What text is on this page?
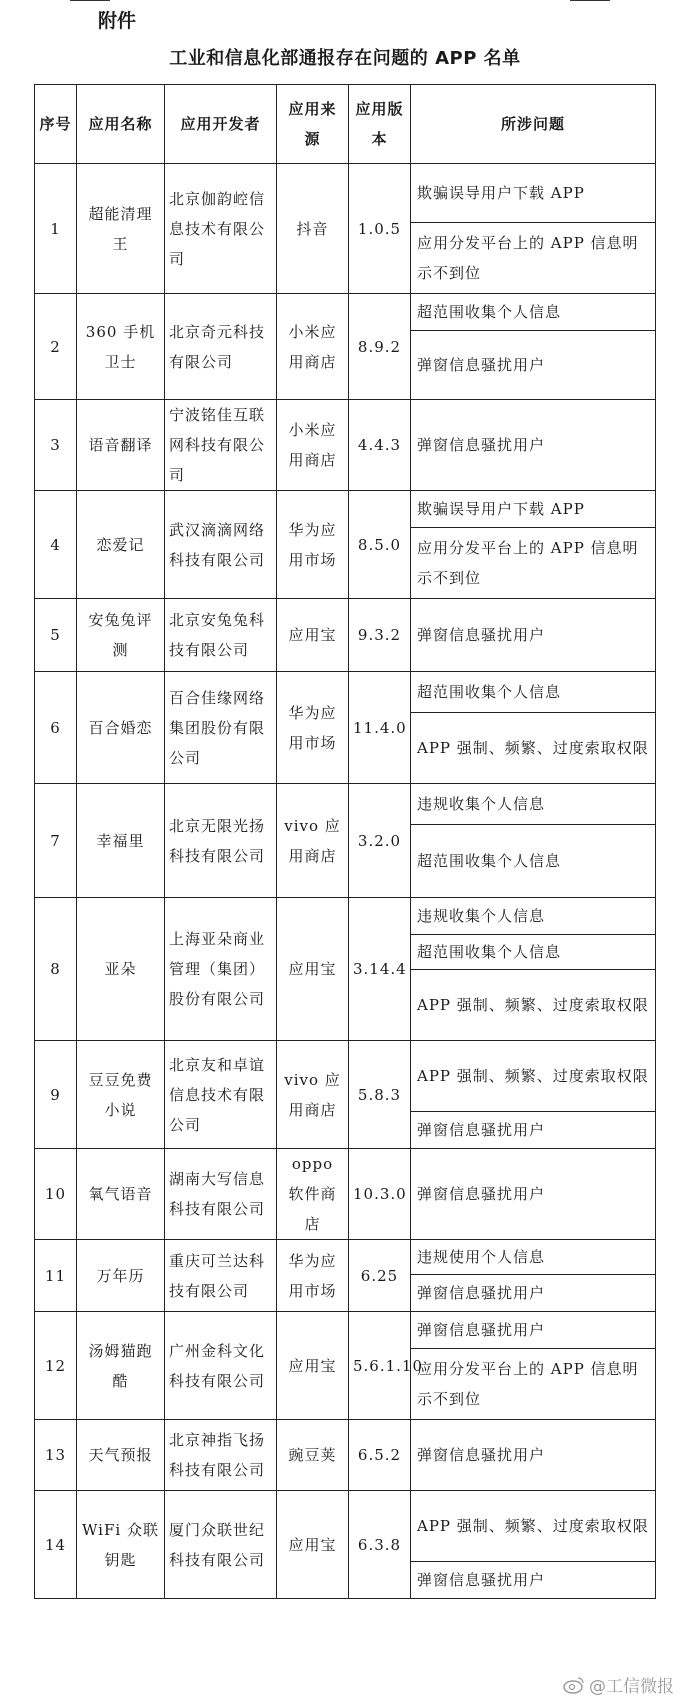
附件
工业和信息化部通报存在问题的 APP 名单
序号	应用名称	应用开发者	应用来源	应用版本	所涉问题
1	超能清理王	北京伽韵崆信息技术有限公司	抖音	1.0.5	欺骗误导用户下载 APP
					应用分发平台上的 APP 信息明示不到位
2	360 手机卫士	北京奇元科技有限公司	小米应用商店	8.9.2	超范围收集个人信息
					弹窗信息骚扰用户
3	语音翻译	宁波铭佳互联网科技有限公司	小米应用商店	4.4.3	弹窗信息骚扰用户
4	恋爱记	武汉滴滴网络科技有限公司	华为应用市场	8.5.0	欺骗误导用户下载 APP
					应用分发平台上的 APP 信息明示不到位
5	安兔兔评测	北京安兔兔科技有限公司	应用宝	9.3.2	弹窗信息骚扰用户
6	百合婚恋	百合佳缘网络集团股份有限公司	华为应用市场	11.4.0	超范围收集个人信息
					APP 强制、频繁、过度索取权限
7	幸福里	北京无限光扬科技有限公司	vivo 应用商店	3.2.0	违规收集个人信息
					超范围收集个人信息
8	亚朵	上海亚朵商业管理（集团）股份有限公司	应用宝	3.14.4	违规收集个人信息
					超范围收集个人信息
					APP 强制、频繁、过度索取权限
9	豆豆免费小说	北京友和卓谊信息技术有限公司	vivo 应用商店	5.8.3	APP 强制、频繁、过度索取权限
					弹窗信息骚扰用户
10	氧气语音	湖南大写信息科技有限公司	oppo 软件商店	10.3.0	弹窗信息骚扰用户
11	万年历	重庆可兰达科技有限公司	华为应用市场	6.25	违规使用个人信息
					弹窗信息骚扰用户
12	汤姆猫跑酷	广州金科文化科技有限公司	应用宝	5.6.1.10	弹窗信息骚扰用户
					应用分发平台上的 APP 信息明示不到位
13	天气预报	北京神指飞扬科技有限公司	豌豆荚	6.5.2	弹窗信息骚扰用户
14	WiFi 众联钥匙	厦门众联世纪科技有限公司	应用宝	6.3.8	APP 强制、频繁、过度索取权限
					弹窗信息骚扰用户
@工信微报
